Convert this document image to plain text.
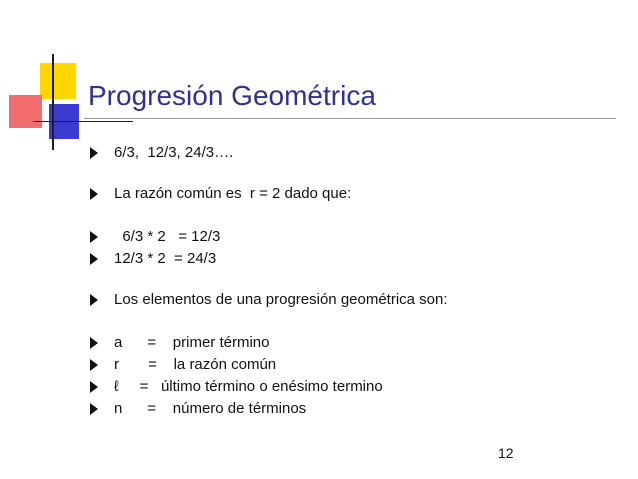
Progresión Geométrica
6/3,  12/3, 24/3….
La razón común es  r = 2 dado que:
6/3 * 2   = 12/3
12/3 * 2  = 24/3
Los elementos de una progresión geométrica son:
a      =    primer término
r       =    la razón común
ℓ     =   último término o enésimo termino
n      =    número de términos
12
